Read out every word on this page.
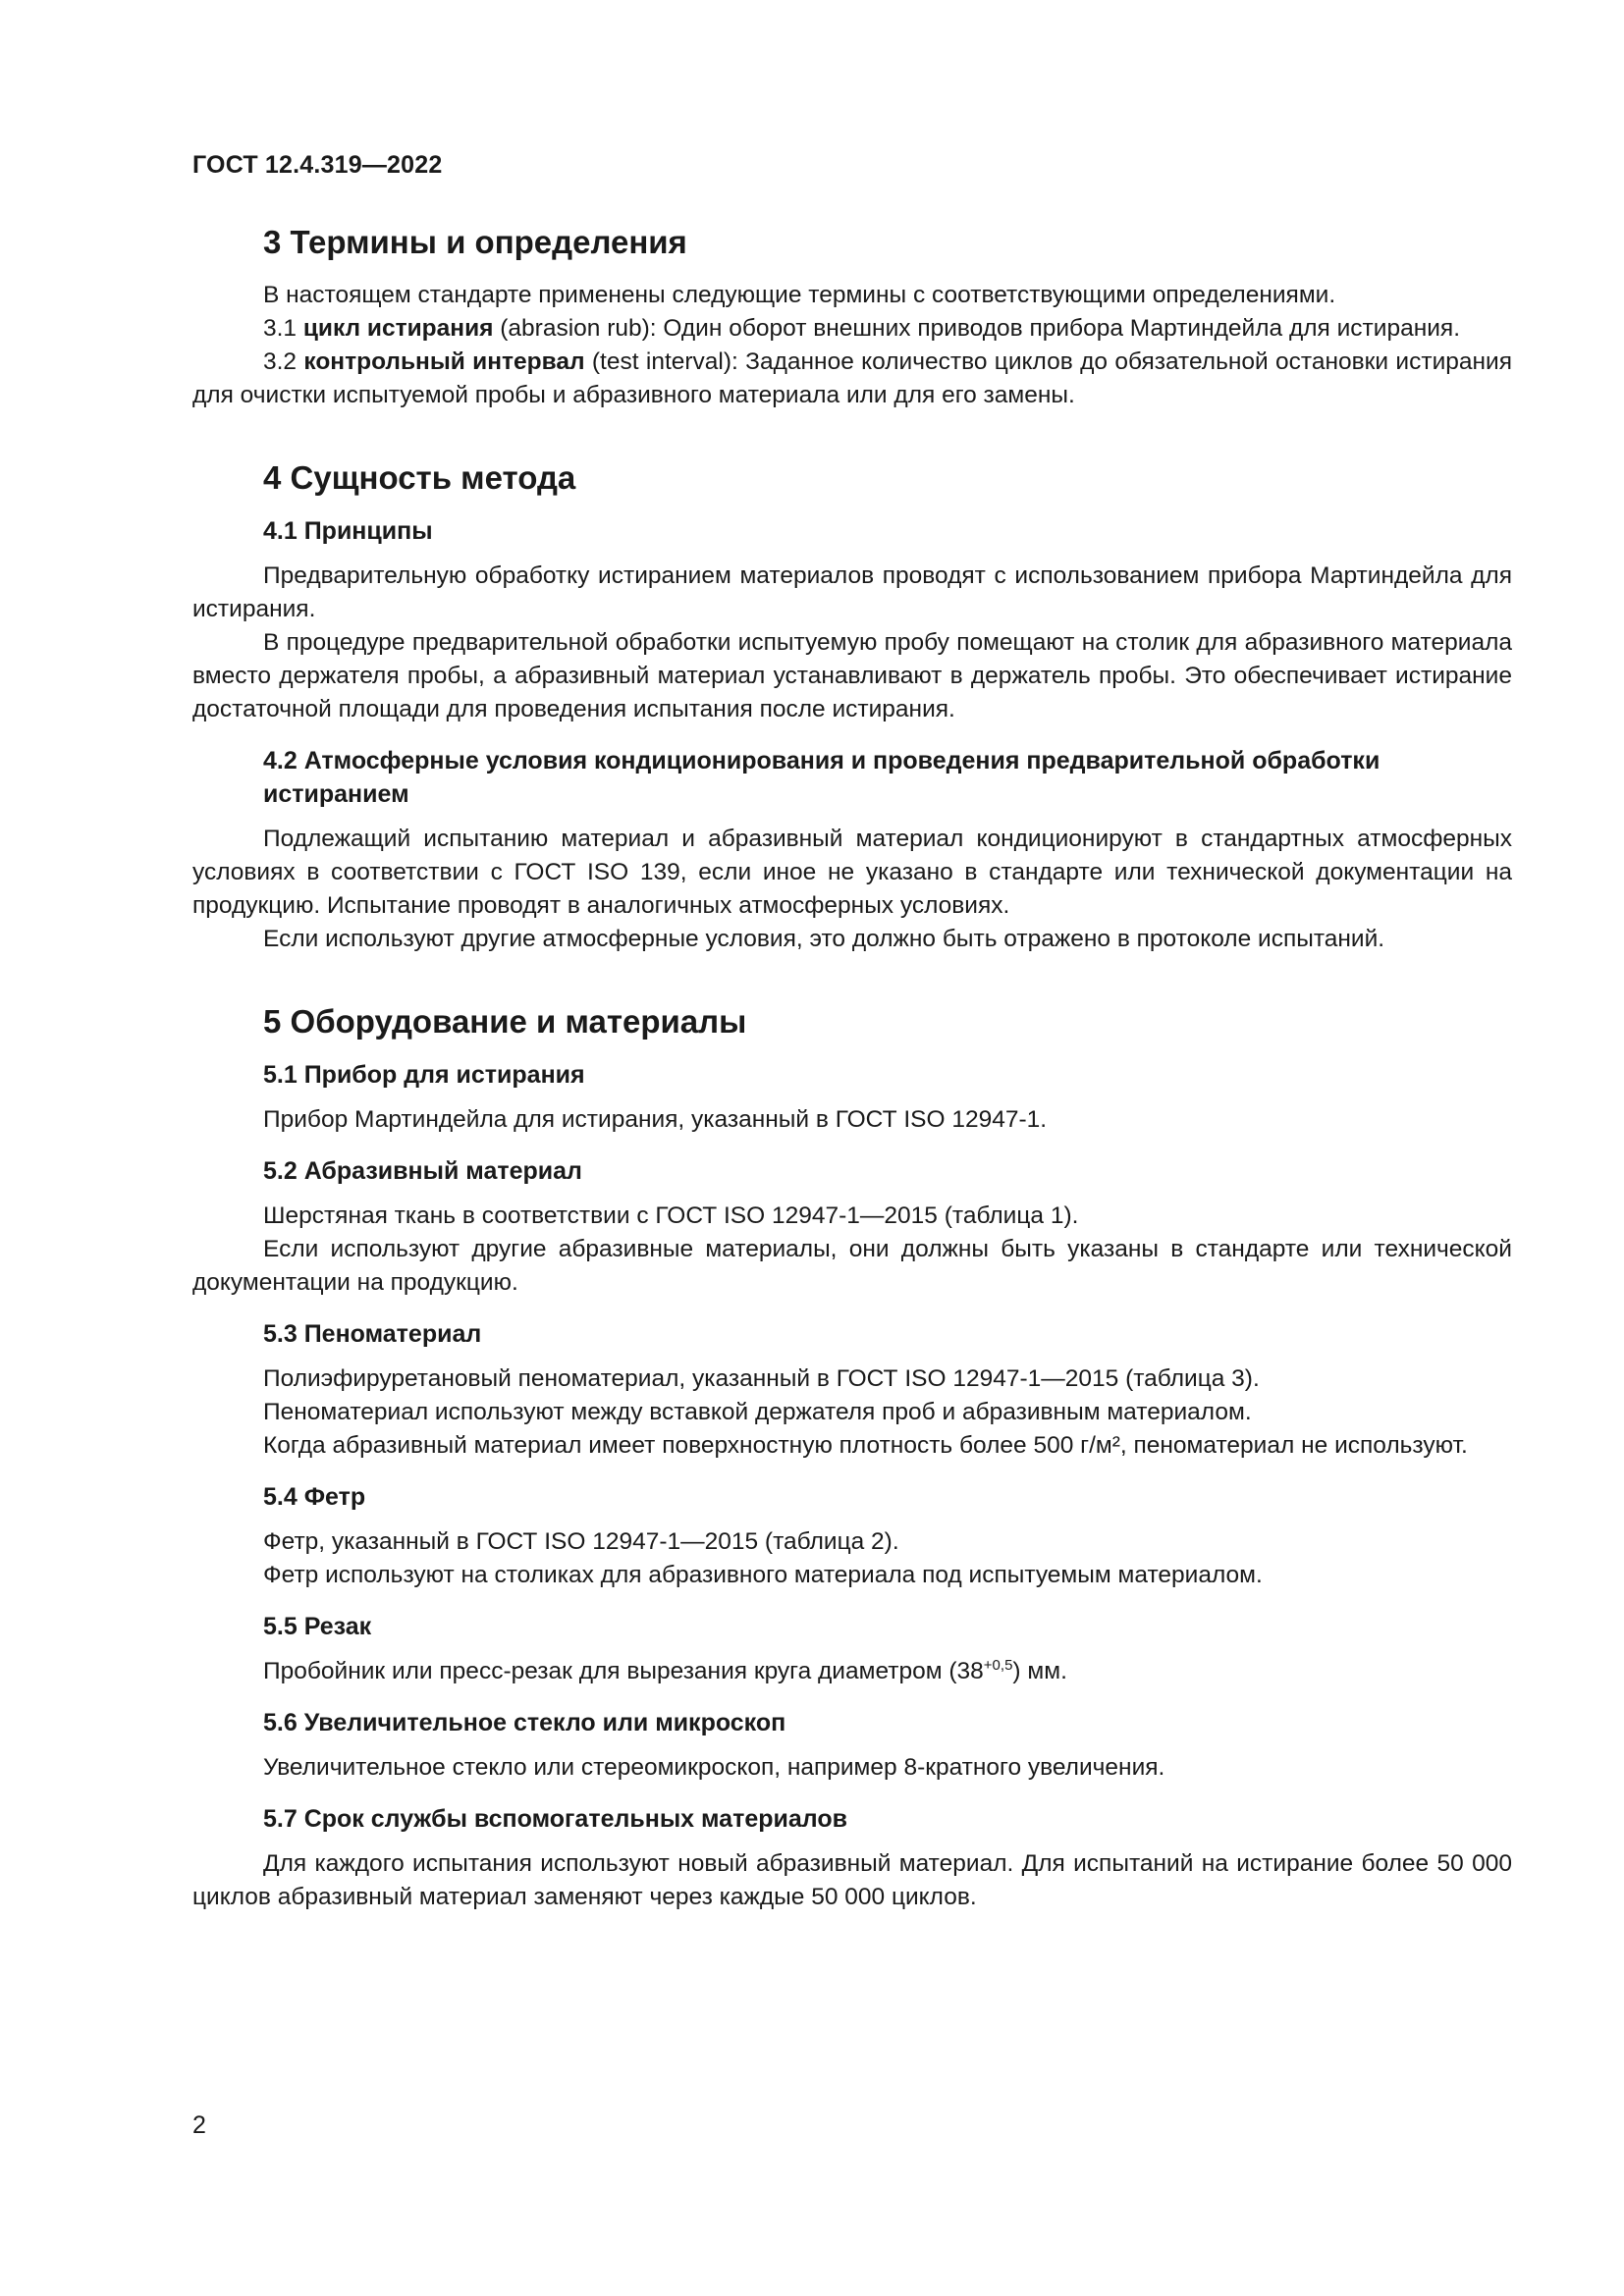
ГОСТ 12.4.319—2022
3 Термины и определения

В настоящем стандарте применены следующие термины с соответствующими определениями.

3.1 цикл истирания (abrasion rub): Один оборот внешних приводов прибора Мартиндейла для истирания.

3.2 контрольный интервал (test interval): Заданное количество циклов до обязательной остановки истирания для очистки испытуемой пробы и абразивного материала или для его замены.

4 Сущность метода
4.1 Принципы

Предварительную обработку истиранием материалов проводят с использованием прибора Мартиндейла для истирания.

В процедуре предварительной обработки испытуемую пробу помещают на столик для абразивного материала вместо держателя пробы, а абразивный материал устанавливают в держатель пробы. Это обеспечивает истирание достаточной площади для проведения испытания после истирания.

4.2 Атмосферные условия кондиционирования и проведения предварительной обработки истиранием

Подлежащий испытанию материал и абразивный материал кондиционируют в стандартных атмосферных условиях в соответствии с ГОСТ ISO 139, если иное не указано в стандарте или технической документации на продукцию. Испытание проводят в аналогичных атмосферных условиях.

Если используют другие атмосферные условия, это должно быть отражено в протоколе испытаний.

5 Оборудование и материалы
5.1 Прибор для истирания

Прибор Мартиндейла для истирания, указанный в ГОСТ ISO 12947-1.

5.2 Абразивный материал

Шерстяная ткань в соответствии с ГОСТ ISO 12947-1—2015 (таблица 1).

Если используют другие абразивные материалы, они должны быть указаны в стандарте или технической документации на продукцию.

5.3 Пеноматериал

Полиэфируретановый пеноматериал, указанный в ГОСТ ISO 12947-1—2015 (таблица 3).

Пеноматериал используют между вставкой держателя проб и абразивным материалом.

Когда абразивный материал имеет поверхностную плотность более 500 г/м², пеноматериал не используют.

5.4 Фетр

Фетр, указанный в ГОСТ ISO 12947-1—2015 (таблица 2).

Фетр используют на столиках для абразивного материала под испытуемым материалом.

5.5 Резак

Пробойник или пресс-резак для вырезания круга диаметром $(38^{+0,5})$ мм.

5.6 Увеличительное стекло или микроскоп

Увеличительное стекло или стереомикроскоп, например 8-кратного увеличения.

5.7 Срок службы вспомогательных материалов

Для каждого испытания используют новый абразивный материал. Для испытаний на истирание более 50 000 циклов абразивный материал заменяют через каждые 50 000 циклов.

2
